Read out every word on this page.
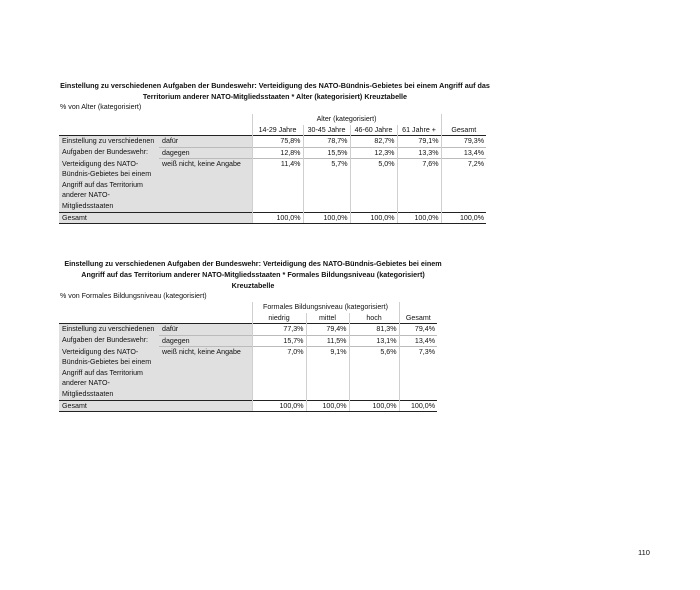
Einstellung zu verschiedenen Aufgaben der Bundeswehr: Verteidigung des NATO-Bündnis-Gebietes bei einem Angriff auf das
Territorium anderer NATO-Mitgliedsstaaten * Alter (kategorisiert) Kreuztabelle
% von Alter (kategorisiert)
		Alter (kategorisiert)				
		14-29 Jahre	30-45 Jahre	46-60 Jahre	61 Jahre +	Gesamt
Einstellung zu verschiedenen	dafür	75,8%	78,7%	82,7%	79,1%	79,3%
Aufgaben der Bundeswehr:	dagegen	12,8%	15,5%	12,3%	13,3%	13,4%
Verteidigung des NATO-Bündnis-Gebietes bei einem Angriff auf das Territorium anderer NATO-Mitgliedsstaaten	weiß nicht, keine Angabe	11,4%	5,7%	5,0%	7,6%	7,2%
Gesamt		100,0%	100,0%	100,0%	100,0%	100,0%
Einstellung zu verschiedenen Aufgaben der Bundeswehr: Verteidigung des NATO-Bündnis-Gebietes bei einem
Angriff auf das Territorium anderer NATO-Mitgliedsstaaten * Formales Bildungsniveau (kategorisiert)
Kreuztabelle
% von Formales Bildungsniveau (kategorisiert)
		Formales Bildungsniveau (kategorisiert)			
		niedrig	mittel	hoch	Gesamt
Einstellung zu verschiedenen	dafür	77,3%	79,4%	81,3%	79,4%
Aufgaben der Bundeswehr:	dagegen	15,7%	11,5%	13,1%	13,4%
Verteidigung des NATO-Bündnis-Gebietes bei einem Angriff auf das Territorium anderer NATO-Mitgliedsstaaten	weiß nicht, keine Angabe	7,0%	9,1%	5,6%	7,3%
Gesamt		100,0%	100,0%	100,0%	100,0%
110
